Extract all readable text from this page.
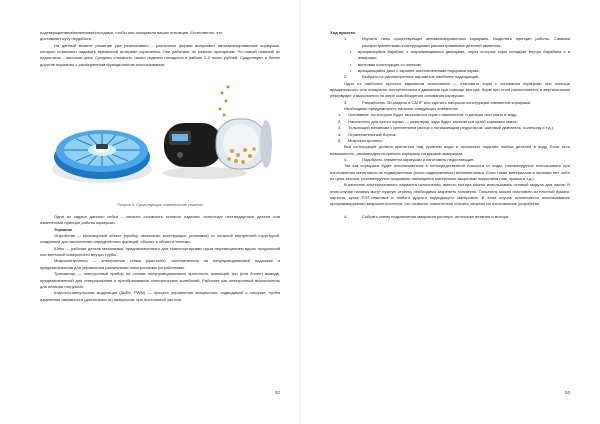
подтверждением/явлениями/соседями, чтобы они покормили ваших питомцев. Естественно, это

доставляет кучу неудобств.

На данный момент решение уже реализовано – различные фирмы выпускают автоматизированные кормушки, которые позволяют задавать временной интервал кормления. Они работают по разным принципам. Но самый главный их недостаток – высокая цена. Средняя стоимость такого изделия находится в районе 2-3 тысяч рублей. Существуют и более дорогие варианты с расширенным функционалом использования.

Рисунок 8. Существующие коммерческие решения

Одна из задача данного кейса – снизить стоимость готового изделия, используя нестандартные детали или изменённый принцип работы кормушки.

Термины

Устройство — рукотворный объект (прибор, механизм, конструкция, установка) со сложной внутренней структурой, созданный для выполнения определённых функций, обычно в области техники.

Шнек — рабочая деталь механизма, предназначенного для транспортировки груза перемещением вдоль продольной оси винтовой поверхности внутри трубы.

Микроконтроллер — электронная схема (кристалл), изготовленная на полупроводниковой подложке и предназначенная для управления различными электронными устройствами.

Транзистор — электронный прибор на основе полупроводникового кристалла, имеющий три (или более) вывода, предназначенный для генерирования и преобразования электрических колебаний. Работает как электронный выключатель для питания нагрузкой.

Широтно-импульсная модуляция (ШИМ, PWM) — процесс управления мощностью, подводимой к нагрузке, путём изменения скважности (длительности) импульсов, при постоянной частоте.

52

Ход проекта:

1.	Изучить типы существующих автоматизированных кормушек. Выделить принцип работы. Самыми распространёнными конструкциями рассматриваемых деталей являются:
•	вращающийся барабан, с открывающимися дверцами, через которые корм попадает внутрь барабана и в аквариум;
•	винтовая конструкция со шнеком;
•	вращающийся диск с заранее заготовленными порциями корма.
2.	Выбрать из рассмотренных вариантов наиболее подходящий.

Один из наиболее простых вариантов исполнения — становить корм с основания кормушки при помощи вращательного или возвратно-поступательного движения при помощи мотора. Корм при этом располагается в вертикальном резервуаре и высыпается по мере освобождения основания кормушки.

3.	Разработать 3D-модель в САПР или сделать набросок конструкции элементов кормушки.

Необходимо предусмотреть наличие следующих элементов:

1.	Основание, на котором будет высыпаться корм с накопителя, и дальше поступать в воду.
2.	Накопитель для сухого корма — резервуар, куда будет засыпаться сухой кормовая смесь.
3.	Толкающий механизм с креплением (мотор с понижающим редуктором, шаговый двигатель, соленоид и т.д.).
4.	Ограничительный бортик.
5.	Микроконтроллер.

Вся конструкция должна крепиться над уровнем воды и исключать падение любых деталей в воду. Если есть возможность, рекомендуется крепить кормушку на крышке аквариума.

4.	Подобрать элементы кормушки и изготовить недостающие.

Так как кормушка будет использоваться в непосредственной близости от воды, рекомендуется использовать при изготовлении материалы не подверженные (мало подверженные) влиянию влаги. Если также материалов в наличии нет, либо их цена высока, рекомендуется покрывать имеющиеся материалы защитным покрытием (лак, краска и т.д.).

В качестве альтернативного варианта исполнения, вместо мотора можно использовать готовый модуль для часов. В этом случае начинку могут нужную стрелку необходимо закрепить толкатель. Толкатель можно изготовить из плотной бумаги, картона, куска ПЭТ-пластика и любого другого подходящего материала. В этом случае исключается использование программируемого микроконтроллера, что позволит значительно снизить затраты на изготовление устройства.

4.	Собрать схему подключения микроконтроллера, источника питания и мотора.
53
